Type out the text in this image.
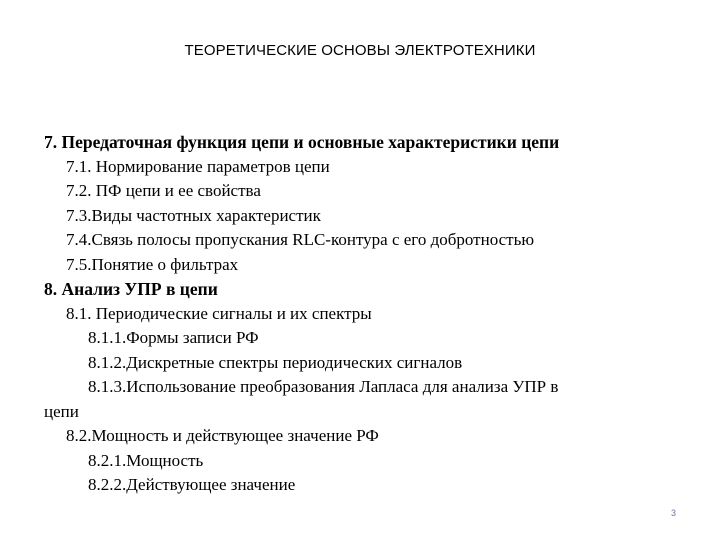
ТЕОРЕТИЧЕСКИЕ ОСНОВЫ ЭЛЕКТРОТЕХНИКИ
7. Передаточная функция цепи и основные характеристики цепи
7.1. Нормирование параметров цепи
7.2. ПФ цепи и ее свойства
7.3.Виды частотных характеристик
7.4.Связь полосы пропускания RLC-контура с его добротностью
7.5.Понятие о фильтрах
8. Анализ УПР в цепи
8.1. Периодические сигналы и их спектры
8.1.1.Формы записи РФ
8.1.2.Дискретные спектры периодических сигналов
8.1.3.Использование преобразования Лапласа для анализа УПР в
цепи
8.2.Мощность и действующее значение РФ
8.2.1.Мощность
8.2.2.Действующее значение
3
